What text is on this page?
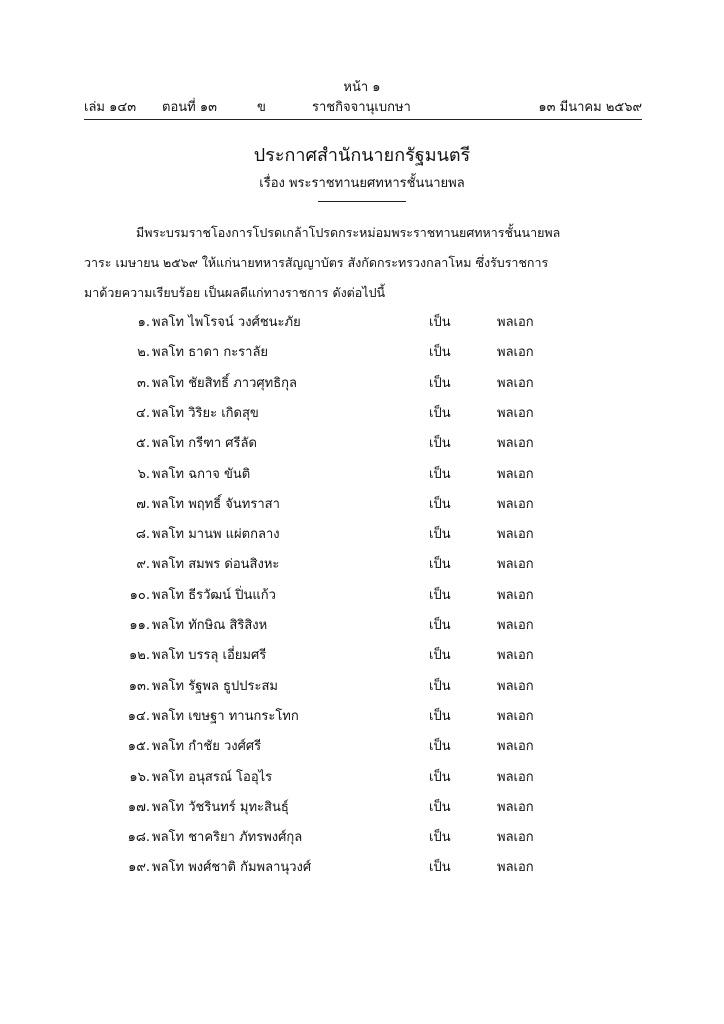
หน้า ๑
เล่ม ๑๔๓ ตอนที่ ๑๓	ข	ราชกิจจานุเบกษา	๑๓ มีนาคม ๒๕๖๙
ประกาศสำนักนายกรัฐมนตรี
เรื่อง พระราชทานยศทหารชั้นนายพล
มีพระบรมราชโองการโปรดเกล้าโปรดกระหม่อมพระราชทานยศทหารชั้นนายพล
วาระ เมษายน ๒๕๖๙ ให้แก่นายทหารสัญญาบัตร สังกัดกระทรวงกลาโหม ซึ่งรับราชการ
มาด้วยความเรียบร้อย เป็นผลดีแก่ทางราชการ ดังต่อไปนี้
๑. พลโท ไพโรจน์ วงศ์ชนะภัย	เป็น	พลเอก
๒. พลโท ธาดา กะราลัย	เป็น	พลเอก
๓. พลโท ชัยสิทธิ์ ภาวศุทธิกุล	เป็น	พลเอก
๔. พลโท วิริยะ เกิดสุข	เป็น	พลเอก
๕. พลโท กรีฑา ศรีลัด	เป็น	พลเอก
๖. พลโท ฉกาจ ขันติ	เป็น	พลเอก
๗. พลโท พฤทธิ์ จันทราสา	เป็น	พลเอก
๘. พลโท มานพ แผ่ตกลาง	เป็น	พลเอก
๙. พลโท สมพร ด่อนสิงหะ	เป็น	พลเอก
๑๐. พลโท ธีรวัฒน์ ปิ่นแก้ว	เป็น	พลเอก
๑๑. พลโท ทักษิณ สิริสิงห	เป็น	พลเอก
๑๒. พลโท บรรลุ เอี่ยมศรี	เป็น	พลเอก
๑๓. พลโท รัฐพล ธูปประสม	เป็น	พลเอก
๑๔. พลโท เขษฐา ทานกระโทก	เป็น	พลเอก
๑๕. พลโท กำชัย วงศ์ศรี	เป็น	พลเอก
๑๖. พลโท อนุสรณ์ โออุไร	เป็น	พลเอก
๑๗. พลโท วัชรินทร์ มุทะสินธุ์	เป็น	พลเอก
๑๘. พลโท ชาคริยา ภัทรพงศ์กุล	เป็น	พลเอก
๑๙. พลโท พงศ์ชาติ กัมพลานุวงศ์	เป็น	พลเอก
